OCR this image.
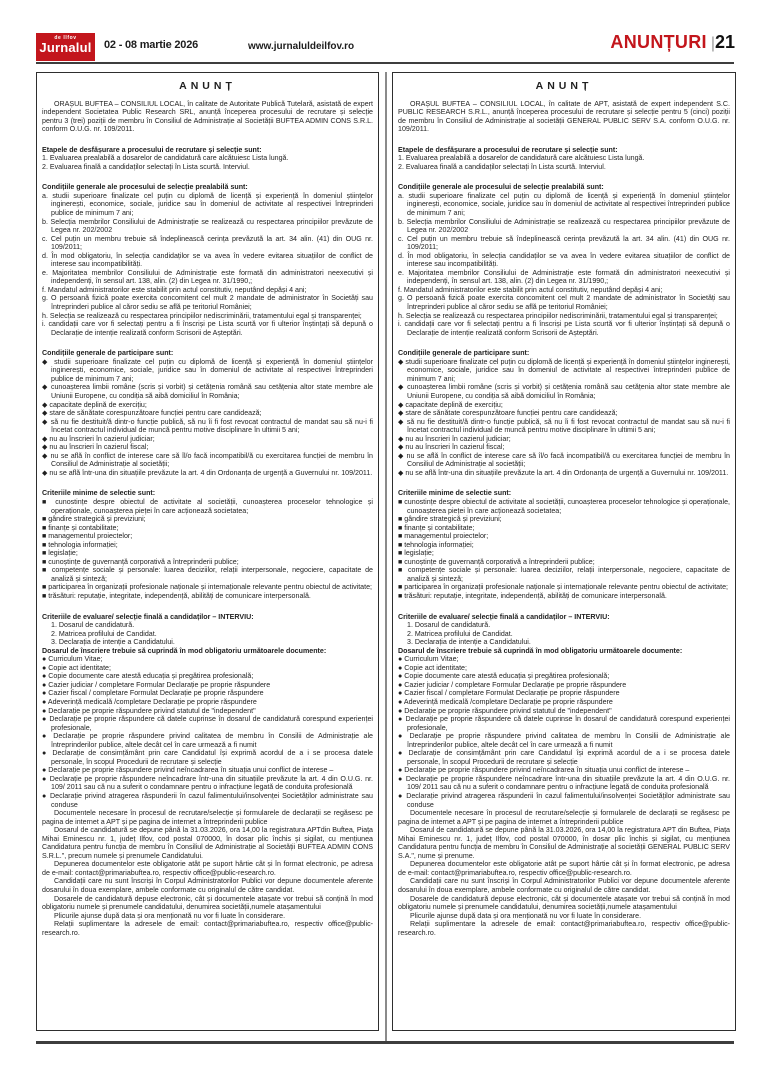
de Ilfov
Jurnalul	02 - 08 martie 2026	www.jurnaluldeilfov.ro	ANUNȚURI | 21
ANUNȚ
ORAȘUL BUFTEA – CONSILIUL LOCAL, în calitate de Autoritate Publică Tutelară, asistată de expert independent Societatea Public Research SRL, anunță începerea procesului de recrutare și selecție pentru 3 (trei) poziții de membru în Consiliul de Administrație al Societății BUFTEA ADMIN CONS S.R.L. conform O.U.G. nr. 109/2011.
Etapele de desfășurare a procesului de recrutare și selecție sunt:
1. Evaluarea prealabilă a dosarelor de candidatură care alcătuiesc Lista lungă.
2. Evaluarea finală a candidaților selectați în Lista scurtă. Interviul.
Condițiile generale ale procesului de selecție prealabilă sunt:
a. studii superioare finalizate cel puțin cu diplomă de licență și experiență în domeniul științelor inginerești, economice, sociale, juridice sau în domeniul de activitate al respectivei întreprinderi publice de minimum 7 ani;
b. Selecția membrilor Consiliului de Administrație se realizează cu respectarea principiilor prevăzute de Legea nr. 202/2002
c. Cel puțin un membru trebuie să îndeplinească cerința prevăzută la art. 34 alin. (41) din OUG nr. 109/2011;
d. În mod obligatoriu, în selecția candidaților se va avea în vedere evitarea situațiilor de conflict de interese sau incompatibilități.
e. Majoritatea membrilor Consiliului de Administrație este formată din administratori neexecutivi și independenți, în sensul art. 138, alin. (2) din Legea nr. 31/1990,;
f. Mandatul administratorilor este stabilit prin actul constitutiv, neputând depăși 4 ani;
g. O persoană fizică poate exercita concomitent cel mult 2 mandate de administrator în Societăți sau întreprinderi publice al căror sediu se află pe teritoriul României;
h. Selecția se realizează cu respectarea principiilor nediscriminării, tratamentului egal și transparenței;
i. candidații care vor fi selectați pentru a fi înscriși pe Lista scurtă vor fi ulterior înștințați să depună o Declarație de intenție realizată conform Scrisorii de Așteptări.
Condițiile generale de participare sunt:
◆ studii superioare finalizate cel puțin cu diplomă de licență și experiență în domeniul științelor inginerești, economice, sociale, juridice sau în domeniul de activitate al respectivei întreprinderi publice de minimum 7 ani;
◆ cunoașterea limbii române (scris și vorbit) și cetățenia română sau cetățenia altor state membre ale Uniunii Europene, cu condiția să aibă domiciliul în România;
◆ capacitate deplină de exercițiu;
◆ stare de sănătate corespunzătoare funcției pentru care candidează;
◆ să nu fie destituit/ă dintr-o funcție publică, să nu îi fi fost revocat contractul de mandat sau să nu-i fi încetat contractul individual de muncă pentru motive disciplinare în ultimii 5 ani;
◆ nu au înscrieri în cazierul judiciar;
◆ nu au înscrieri în cazierul fiscal;
◆ nu se află în conflict de interese care să îl/o facă incompatibil/ă cu exercitarea funcției de membru în Consiliul de Administrație al societății;
◆ nu se află într-una din situațiile prevăzute la art. 4 din Ordonanța de urgență a Guvernului nr. 109/2011.
Criteriile minime de selectie sunt:
■ cunostințe despre obiectul de activitate al societății, cunoașterea proceselor tehnologice și operaționale, cunoașterea pieței în care acționează societatea;
■ gândire strategică și previziuni;
■ finanțe și contabilitate;
■ managementul proiectelor;
■ tehnologia informației;
■ legislație;
■ cunoștințe de guvernanță corporativă a întreprinderii publice;
■ competențe sociale și personale: luarea deciziilor, relații interpersonale, negociere, capacitate de analiză și sinteză;
■ participarea în organizații profesionale naționale și internaționale relevante pentru obiectul de activitate;
■ trăsături: reputație, integritate, independență, abilități de comunicare interpersonală.
Criteriile de evaluare/ selecție finală a candidaților – INTERVIU:
1. Dosarul de candidatură.
2. Matricea profilului de Candidat.
3. Declarația de intenție a Candidatului.
Dosarul de înscriere trebuie să cuprindă în mod obligatoriu următoarele documente:
● Curriculum Vitae;
● Copie act identitate;
● Copie documente care atestă educația și pregătirea profesională;
● Cazier judiciar / completare Formular Declarație pe proprie răspundere
● Cazier fiscal / completare Formulat Declarație pe proprie răspundere
● Adeverință medicală /completare Declarație pe proprie răspundere
● Declarație pe proprie răspundere privind statutul de "independent"
● Declarație pe proprie răspundere că datele cuprinse în dosarul de candidatură corespund experienței profesionale,
● Declarație pe proprie răspundere privind calitatea de membru în Consilii de Administrație ale întreprinderilor publice, altele decât cel în care urmează a fi numit
● Declarație de consimțământ prin care Candidatul își exprimă acordul de a i se procesa datele personale, în scopul Procedurii de recrutare și selecție
● Declarație pe proprie răspundere privind neîncadrarea în situația unui conflict de interese –
● Declarație pe proprie răspundere neîncadrare într-una din situațiile prevăzute la art. 4 din O.U.G. nr. 109/ 2011 sau că nu a suferit o condamnare pentru o infracțiune legată de conduita profesională
● Declarație privind atragerea răspunderii în cazul falimentului/insolvenței Societăților administrate sau conduse
Documentele necesare în procesul de recrutare/selecție și formularele de declarații se regăsesc pe pagina de internet a APT și pe pagina de internet a întreprinderii publice
Dosarul de candidatură se depune până la 31.03.2026, ora 14,00 la registratura APTdin Buftea, Piața Mihai Eminescu nr. 1, județ Ilfov, cod postal 070000, în dosar plic închis și sigilat, cu mențiunea Candidatura pentru funcția de membru în Consiliul de Administrație al Societății BUFTEA ADMIN CONS S.R.L.", precum numele și prenumele Candidatului.
Depunerea documentelor este obligatorie atât pe suport hârtie cât și în format electronic, pe adresa de e-mail: contact@primariabuftea.ro, respectiv office@public-research.ro.
Candidații care nu sunt înscriși în Corpul Administratorilor Publici vor depune documentele aferente dosarului în doua exemplare, ambele conformate cu originalul de către candidat.
Dosarele de candidatură depuse electronic, cât și documentele atașate vor trebui să conțină în mod obligatoriu numele și prenumele candidatului, denumirea societății,numele atașamentului
Plicurile ajunse după data și ora menționată nu vor fi luate în considerare.
Relații suplimentare la adresele de email: contact@primariabuftea.ro, respectiv office@public-research.ro.
ANUNȚ
ORAȘUL BUFTEA – CONSILIUL LOCAL, în calitate de APT, asistată de expert independent S.C. PUBLIC RESEARCH S.R.L., anunță începerea procesului de recrutare și selecție pentru 5 (cinci) poziții de membru în Consiliul de Administrație al societății GENERAL PUBLIC SERV S.A. conform O.U.G. nr. 109/2011.
Etapele de desfășurare a procesului de recrutare și selecție sunt:
1. Evaluarea prealabilă a dosarelor de candidatură care alcătuiesc Lista lungă.
2. Evaluarea finală a candidaților selectați în Lista scurtă. Interviul.
Condițiile generale ale procesului de selecție prealabilă sunt:
a. studii superioare finalizate cel puțin cu diplomă de licență și experiență în domeniul științelor inginerești, economice, sociale, juridice sau în domeniul de activitate al respectivei întreprinderi publice de minimum 7 ani;
b. Selecția membrilor Consiliului de Administrație se realizează cu respectarea principiilor prevăzute de Legea nr. 202/2002
c. Cel puțin un membru trebuie să îndeplinească cerința prevăzută la art. 34 alin. (41) din OUG nr. 109/2011;
d. În mod obligatoriu, în selecția candidaților se va avea în vedere evitarea situațiilor de conflict de interese sau incompatibilități.
e. Majoritatea membrilor Consiliului de Administrație este formată din administratori neexecutivi și independenți, în sensul art. 138, alin. (2) din Legea nr. 31/1990,;
f. Mandatul administratorilor este stabilit prin actul constitutiv, neputând depăși 4 ani;
g. O persoană fizică poate exercita concomitent cel mult 2 mandate de administrator în Societăți sau întreprinderi publice al căror sediu se află pe teritoriul României;
h. Selecția se realizează cu respectarea principiilor nediscriminării, tratamentului egal și transparenței;
i. candidații care vor fi selectați pentru a fi înscriși pe Lista scurtă vor fi ulterior înștințați să depună o Declarație de intenție realizată conform Scrisorii de Așteptări.
Condițiile generale de participare sunt:
◆ studii superioare finalizate cel puțin cu diplomă de licență și experiență în domeniul științelor inginerești, economice, sociale, juridice sau în domeniul de activitate al respectivei întreprinderi publice de minimum 7 ani;
◆ cunoașterea limbii române (scris și vorbit) și cetățenia română sau cetățenia altor state membre ale Uniunii Europene, cu condiția să aibă domiciliul în România;
◆ capacitate deplină de exercițiu;
◆ stare de sănătate corespunzătoare funcției pentru care candidează;
◆ să nu fie destituit/ă dintr-o funcție publică, să nu îi fi fost revocat contractul de mandat sau să nu-i fi încetat contractul individual de muncă pentru motive disciplinare în ultimii 5 ani;
◆ nu au înscrieri în cazierul judiciar;
◆ nu au înscrieri în cazierul fiscal;
◆ nu se află în conflict de interese care să îl/o facă incompatibil/ă cu exercitarea funcției de membru în Consiliul de Administrație al societății;
◆ nu se află într-una din situațiile prevăzute la art. 4 din Ordonanța de urgență a Guvernului nr. 109/2011.
Criteriile minime de selectie sunt:
■ cunostințe despre obiectul de activitate al societății, cunoașterea proceselor tehnologice și operaționale, cunoașterea pieței în care acționează societatea;
■ gândire strategică și previziuni;
■ finanțe și contabilitate;
■ managementul proiectelor;
■ tehnologia informației;
■ legislație;
■ cunoștințe de guvernanță corporativă a întreprinderii publice;
■ competențe sociale și personale: luarea deciziilor, relații interpersonale, negociere, capacitate de analiză și sinteză;
■ participarea în organizații profesionale naționale și internaționale relevante pentru obiectul de activitate;
■ trăsături: reputație, integritate, independență, abilități de comunicare interpersonală.
Criteriile de evaluare/ selecție finală a candidaților – INTERVIU:
1. Dosarul de candidatură.
2. Matricea profilului de Candidat.
3. Declarația de intenție a Candidatului.
Dosarul de înscriere trebuie să cuprindă în mod obligatoriu următoarele documente:
● Curriculum Vitae;
● Copie act identitate;
● Copie documente care atestă educația și pregătirea profesională;
● Cazier judiciar / completare Formular Declarație pe proprie răspundere
● Cazier fiscal / completare Formulat Declarație pe proprie răspundere
● Adeverință medicală /completare Declarație pe proprie răspundere
● Declarație pe proprie răspundere privind statutul de "independent"
● Declarație pe proprie răspundere că datele cuprinse în dosarul de candidatură corespund experienței profesionale,
● Declarație pe proprie răspundere privind calitatea de membru în Consilii de Administrație ale întreprinderilor publice, altele decât cel în care urmează a fi numit
● Declarație de consimțământ prin care Candidatul își exprimă acordul de a i se procesa datele personale, în scopul Procedurii de recrutare și selecție
● Declarație pe proprie răspundere privind neîncadrarea în situația unui conflict de interese –
● Declarație pe proprie răspundere neîncadrare într-una din situațiile prevăzute la art. 4 din O.U.G. nr. 109/ 2011 sau că nu a suferit o condamnare pentru o infracțiune legată de conduita profesională
● Declarație privind atragerea răspunderii în cazul falimentului/insolvenței Societăților administrate sau conduse
Documentele necesare în procesul de recrutare/selecție și formularele de declarații se regăsesc pe pagina de internet a APT și pe pagina de internet a întreprinderii publice
Dosarul de candidatură se depune până la 31.03.2026, ora 14,00 la registratura APT din Buftea, Piața Mihai Eminescu nr. 1, județ Ilfov, cod postal 070000, în dosar plic închis și sigilat, cu mențiunea Candidatura pentru funcția de membru în Consiliul de Administrație al societății GENERAL PUBLIC SERV S.A.", nume și prenume.
Depunerea documentelor este obligatorie atât pe suport hârtie cât și în format electronic, pe adresa de e-mail: contact@primariabuftea.ro, respectiv office@public-research.ro.
Candidații care nu sunt înscriși în Corpul Administratorilor Publici vor depune documentele aferente dosarului în doua exemplare, ambele conformate cu originalul de către candidat.
Dosarele de candidatură depuse electronic, cât și documentele atașate vor trebui să conțină în mod obligatoriu numele și prenumele candidatului, denumirea societății,numele atașamentului
Plicurile ajunse după data și ora menționată nu vor fi luate în considerare.
Relații suplimentare la adresele de email: contact@primariabuftea.ro, respectiv office@public-research.ro.
